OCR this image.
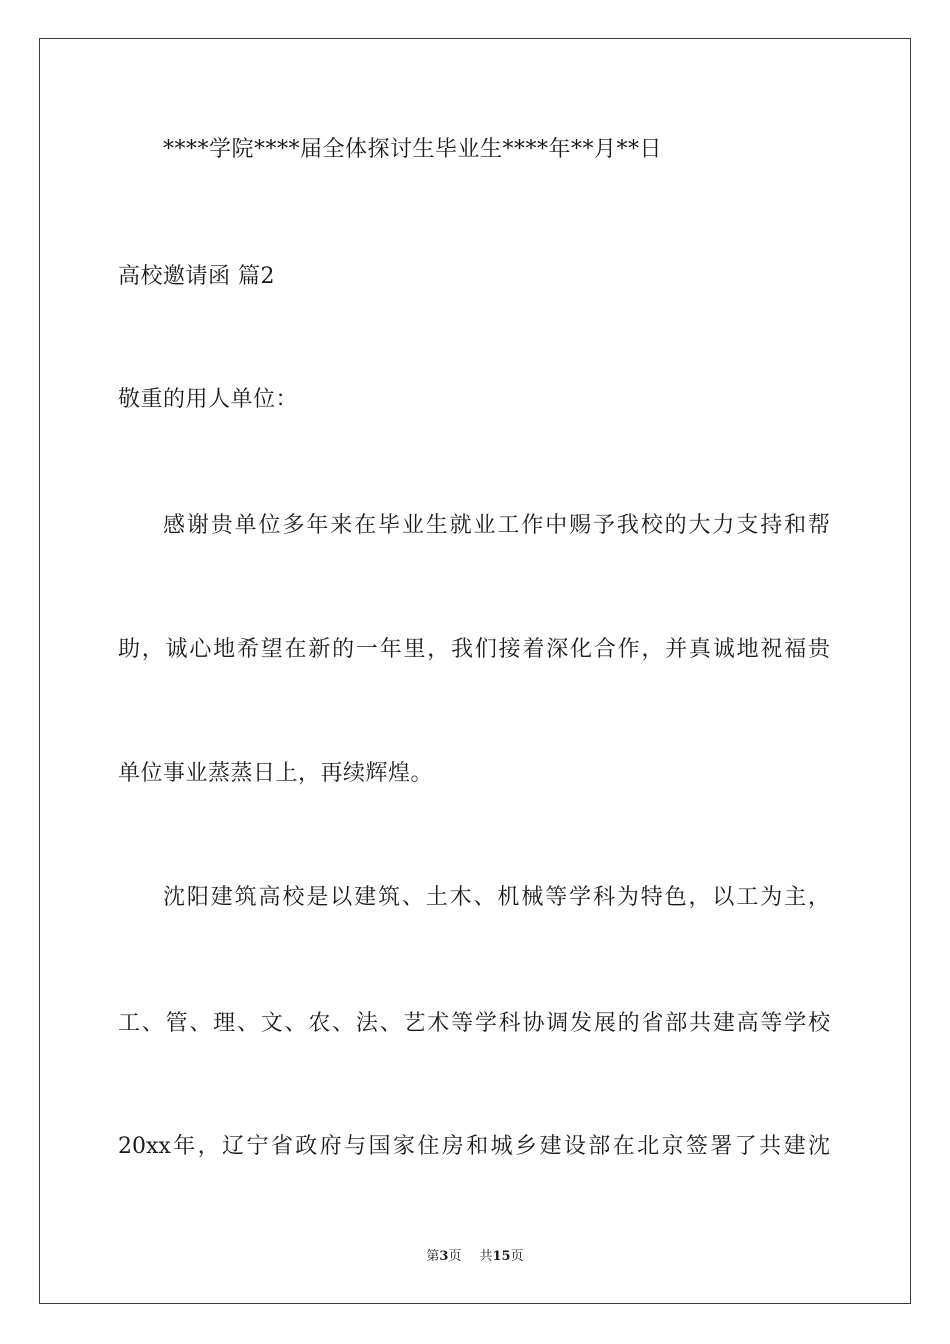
****学院****届全体探讨生毕业生****年**月**日
高校邀请函 篇2
敬重的用人单位：
感谢贵单位多年来在毕业生就业工作中赐予我校的大力支持和帮
助，诚心地希望在新的一年里，我们接着深化合作，并真诚地祝福贵
单位事业蒸蒸日上，再续辉煌。
沈阳建筑高校是以建筑、土木、机械等学科为特色，以工为主，
工、管、理、文、农、法、艺术等学科协调发展的省部共建高等学校
20xx年，辽宁省政府与国家住房和城乡建设部在北京签署了共建沈
第3页 共15页
